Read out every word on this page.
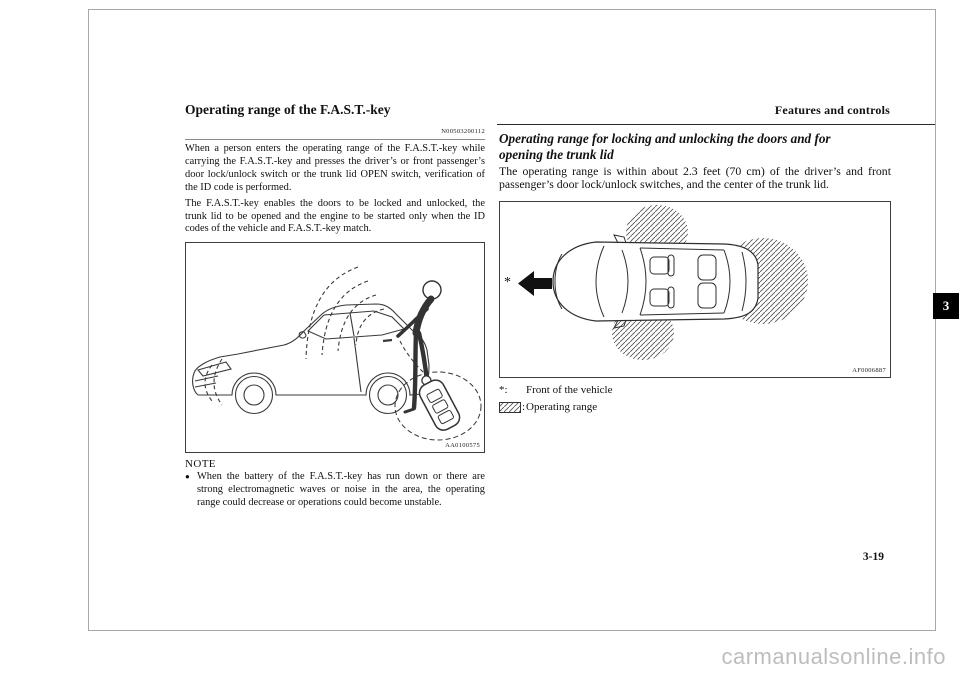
Features and controls
3
Operating range of the F.A.S.T.-key
N00503200112

When a person enters the operating range of the F.A.S.T.-key while carrying the F.A.S.T.-key and presses the driver’s or front passenger’s door lock/unlock switch or the trunk lid OPEN switch, verification of the ID code is performed.

The F.A.S.T.-key enables the doors to be locked and unlocked, the trunk lid to be opened and the engine to be started only when the ID codes of the vehicle and F.A.S.T.-key match.

AA0100575
NOTE
● When the battery of the F.A.S.T.-key has run down or there are strong electromagnetic waves or noise in the area, the operating range could decrease or operations could become unstable.

Operating range for locking and unlocking the doors and for opening the trunk lid

The operating range is within about 2.3 feet (70 cm) of the driver’s and front passenger’s door lock/unlock switches, and the center of the trunk lid.

*
AF0006887
*:	Front of the vehicle
: Operating range
3-19
carmanualsonline.info
